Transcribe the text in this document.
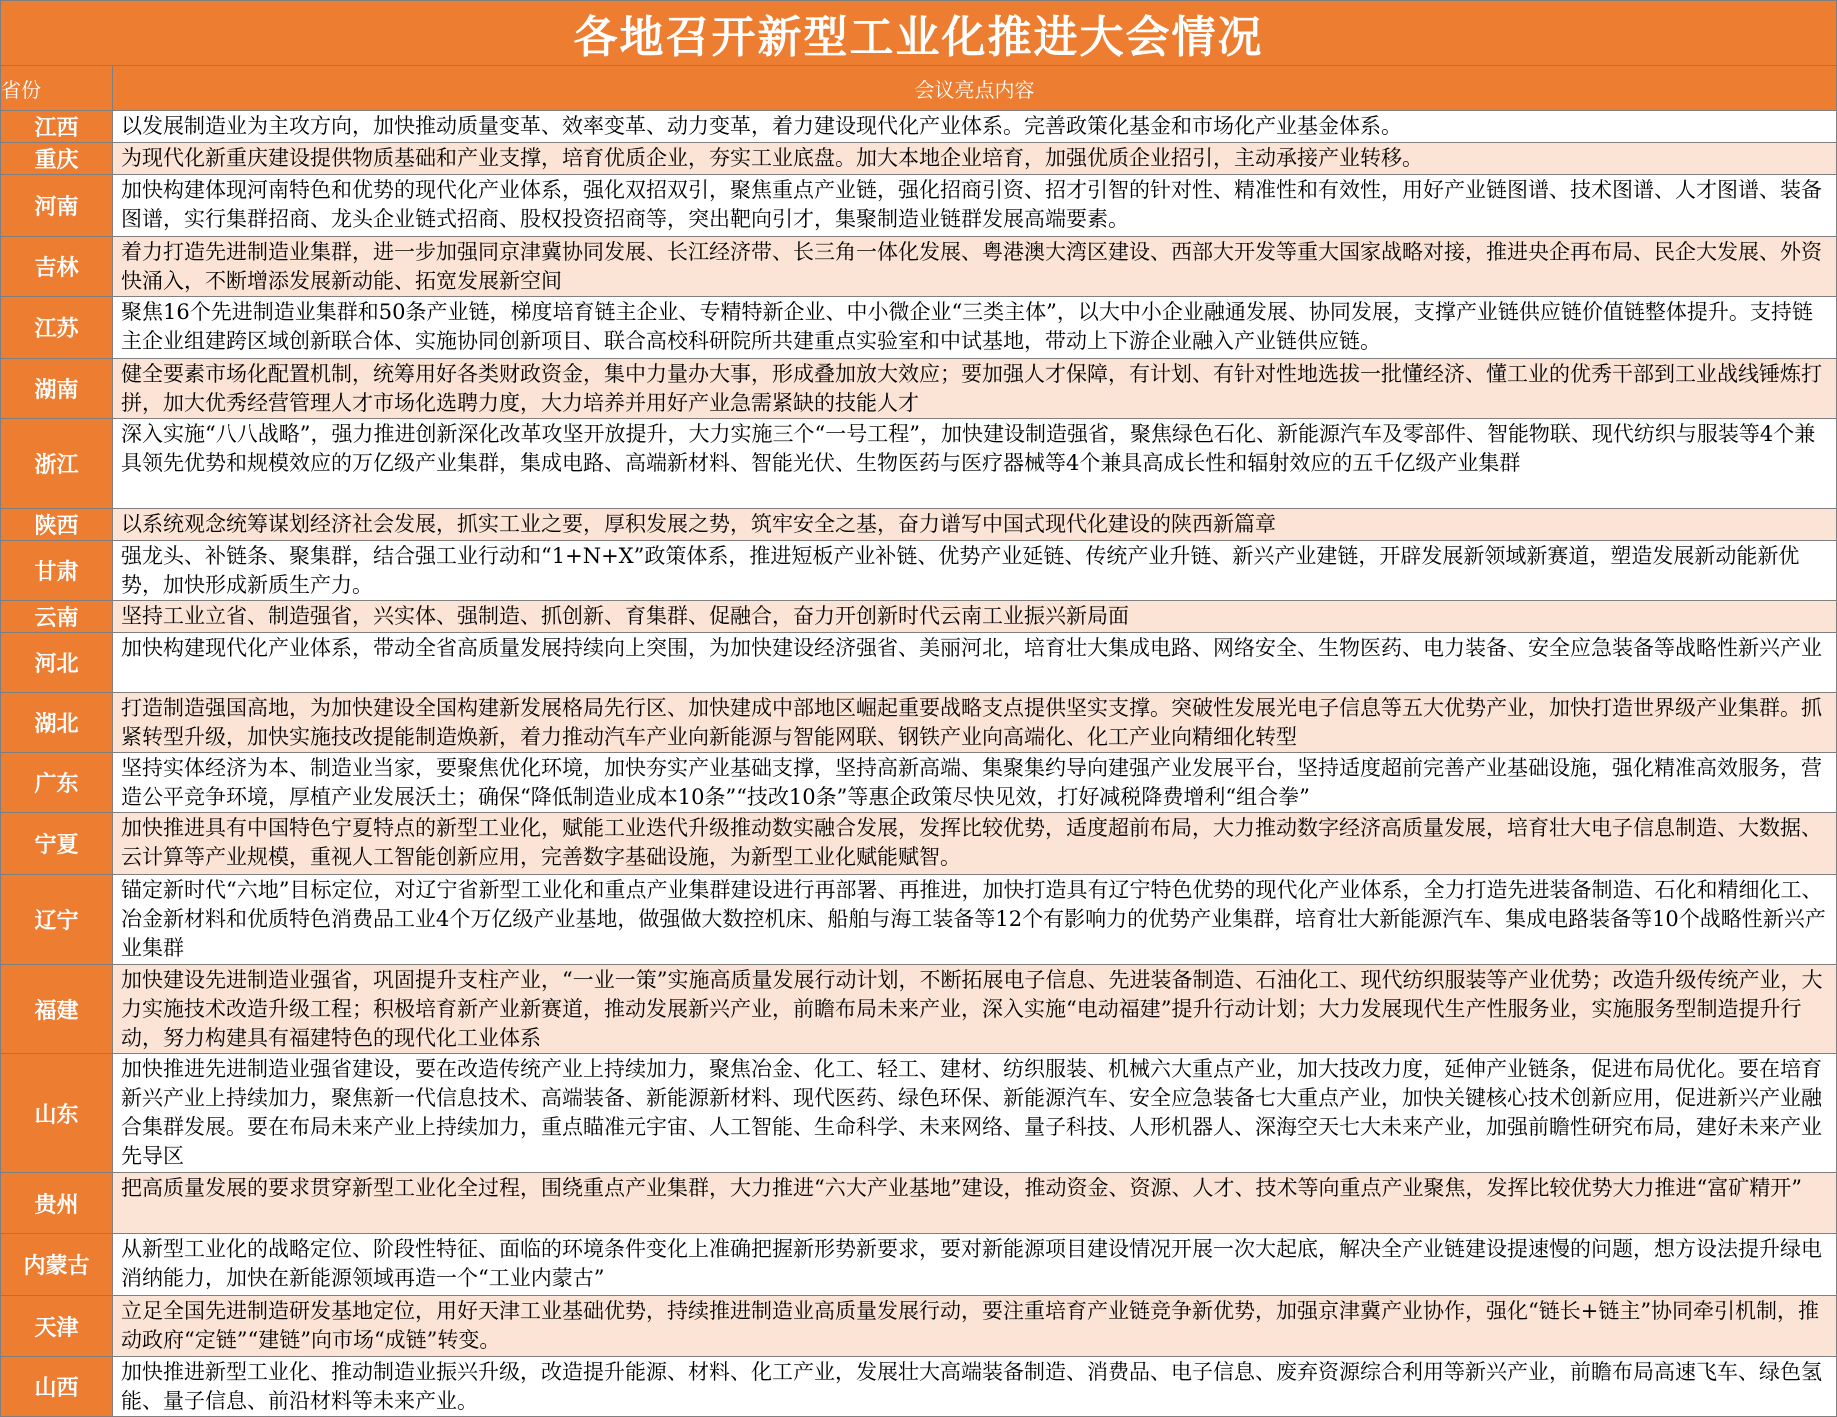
各地召开新型工业化推进大会情况	
省份	会议亮点内容
江西	以发展制造业为主攻方向，加快推动质量变革、效率变革、动力变革，着力建设现代化产业体系。完善政策化基金和市场化产业基金体系。
重庆	为现代化新重庆建设提供物质基础和产业支撑，培育优质企业，夯实工业底盘。加大本地企业培育，加强优质企业招引，主动承接产业转移。
河南	加快构建体现河南特色和优势的现代化产业体系，强化双招双引，聚焦重点产业链，强化招商引资、招才引智的针对性、精准性和有效性，用好产业链图谱、技术图谱、人才图谱、装备图谱，实行集群招商、龙头企业链式招商、股权投资招商等，突出靶向引才，集聚制造业链群发展高端要素。
吉林	着力打造先进制造业集群，进一步加强同京津冀协同发展、长江经济带、长三角一体化发展、粤港澳大湾区建设、西部大开发等重大国家战略对接，推进央企再布局、民企大发展、外资快涌入，不断增添发展新动能、拓宽发展新空间
江苏	聚焦16个先进制造业集群和50条产业链，梯度培育链主企业、专精特新企业、中小微企业“三类主体”，以大中小企业融通发展、协同发展，支撑产业链供应链价值链整体提升。支持链主企业组建跨区域创新联合体、实施协同创新项目、联合高校科研院所共建重点实验室和中试基地，带动上下游企业融入产业链供应链。
湖南	健全要素市场化配置机制，统筹用好各类财政资金，集中力量办大事，形成叠加放大效应；要加强人才保障，有计划、有针对性地选拔一批懂经济、懂工业的优秀干部到工业战线锤炼打拼，加大优秀经营管理人才市场化选聘力度，大力培养并用好产业急需紧缺的技能人才
浙江	深入实施“八八战略”，强力推进创新深化改革攻坚开放提升，大力实施三个“一号工程”，加快建设制造强省，聚焦绿色石化、新能源汽车及零部件、智能物联、现代纺织与服装等4个兼具领先优势和规模效应的万亿级产业集群，集成电路、高端新材料、智能光伏、生物医药与医疗器械等4个兼具高成长性和辐射效应的五千亿级产业集群
陕西	以系统观念统筹谋划经济社会发展，抓实工业之要，厚积发展之势，筑牢安全之基，奋力谱写中国式现代化建设的陕西新篇章
甘肃	强龙头、补链条、聚集群，结合强工业行动和“1+N+X”政策体系，推进短板产业补链、优势产业延链、传统产业升链、新兴产业建链，开辟发展新领域新赛道，塑造发展新动能新优势，加快形成新质生产力。
云南	坚持工业立省、制造强省，兴实体、强制造、抓创新、育集群、促融合，奋力开创新时代云南工业振兴新局面
河北	加快构建现代化产业体系，带动全省高质量发展持续向上突围，为加快建设经济强省、美丽河北，培育壮大集成电路、网络安全、生物医药、电力装备、安全应急装备等战略性新兴产业
湖北	打造制造强国高地，为加快建设全国构建新发展格局先行区、加快建成中部地区崛起重要战略支点提供坚实支撑。突破性发展光电子信息等五大优势产业，加快打造世界级产业集群。抓紧转型升级，加快实施技改提能制造焕新，着力推动汽车产业向新能源与智能网联、钢铁产业向高端化、化工产业向精细化转型
广东	坚持实体经济为本、制造业当家，要聚焦优化环境，加快夯实产业基础支撑，坚持高新高端、集聚集约导向建强产业发展平台，坚持适度超前完善产业基础设施，强化精准高效服务，营造公平竞争环境，厚植产业发展沃土；确保“降低制造业成本10条”“技改10条”等惠企政策尽快见效，打好减税降费增利“组合拳”
宁夏	加快推进具有中国特色宁夏特点的新型工业化，赋能工业迭代升级推动数实融合发展，发挥比较优势，适度超前布局，大力推动数字经济高质量发展，培育壮大电子信息制造、大数据、云计算等产业规模，重视人工智能创新应用，完善数字基础设施，为新型工业化赋能赋智。
辽宁	锚定新时代“六地”目标定位，对辽宁省新型工业化和重点产业集群建设进行再部署、再推进，加快打造具有辽宁特色优势的现代化产业体系，全力打造先进装备制造、石化和精细化工、冶金新材料和优质特色消费品工业4个万亿级产业基地，做强做大数控机床、船舶与海工装备等12个有影响力的优势产业集群，培育壮大新能源汽车、集成电路装备等10个战略性新兴产业集群
福建	加快建设先进制造业强省，巩固提升支柱产业，“一业一策”实施高质量发展行动计划，不断拓展电子信息、先进装备制造、石油化工、现代纺织服装等产业优势；改造升级传统产业，大力实施技术改造升级工程；积极培育新产业新赛道，推动发展新兴产业，前瞻布局未来产业，深入实施“电动福建”提升行动计划；大力发展现代生产性服务业，实施服务型制造提升行动，努力构建具有福建特色的现代化工业体系
山东	加快推进先进制造业强省建设，要在改造传统产业上持续加力，聚焦冶金、化工、轻工、建材、纺织服装、机械六大重点产业，加大技改力度，延伸产业链条，促进布局优化。要在培育新兴产业上持续加力，聚焦新一代信息技术、高端装备、新能源新材料、现代医药、绿色环保、新能源汽车、安全应急装备七大重点产业，加快关键核心技术创新应用，促进新兴产业融合集群发展。要在布局未来产业上持续加力，重点瞄准元宇宙、人工智能、生命科学、未来网络、量子科技、人形机器人、深海空天七大未来产业，加强前瞻性研究布局，建好未来产业先导区
贵州	把高质量发展的要求贯穿新型工业化全过程，围绕重点产业集群，大力推进“六大产业基地”建设，推动资金、资源、人才、技术等向重点产业聚焦，发挥比较优势大力推进“富矿精开”
内蒙古	从新型工业化的战略定位、阶段性特征、面临的环境条件变化上准确把握新形势新要求，要对新能源项目建设情况开展一次大起底，解决全产业链建设提速慢的问题，想方设法提升绿电消纳能力，加快在新能源领域再造一个“工业内蒙古”
天津	立足全国先进制造研发基地定位，用好天津工业基础优势，持续推进制造业高质量发展行动，要注重培育产业链竞争新优势，加强京津冀产业协作，强化“链长+链主”协同牵引机制，推动政府“定链”“建链”向市场“成链”转变。
山西	加快推进新型工业化、推动制造业振兴升级，改造提升能源、材料、化工产业，发展壮大高端装备制造、消费品、电子信息、废弃资源综合利用等新兴产业，前瞻布局高速飞车、绿色氢能、量子信息、前沿材料等未来产业。
